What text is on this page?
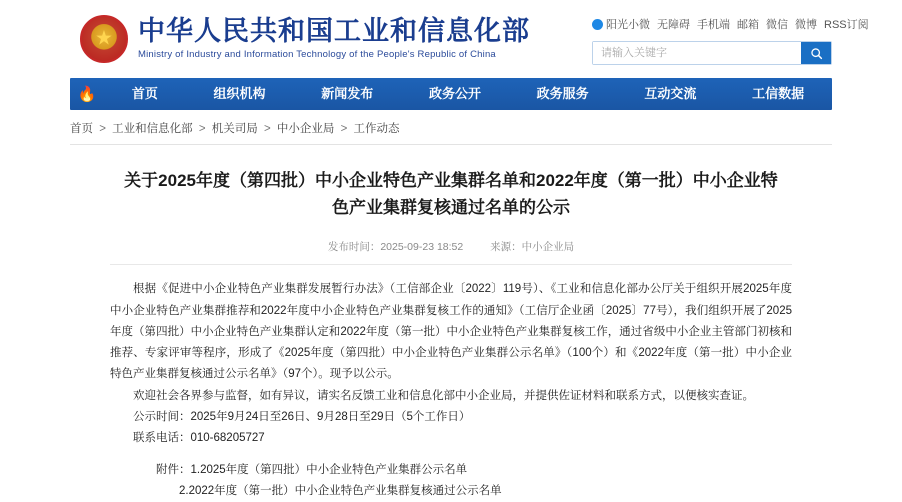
★
中华人民共和国工业和信息化部
Ministry of Industry and Information Technology of the People's Republic of China
阳光小微 无障碍 手机端 邮箱 微信 微博 RSS订阅
请输入关键字
🔥	首页	组织机构	新闻发布	政务公开	政务服务	互动交流	工信数据
首页 > 工业和信息化部 > 机关司局 > 中小企业局 > 工作动态
关于2025年度（第四批）中小企业特色产业集群名单和2022年度（第一批）中小企业特色产业集群复核通过名单的公示
发布时间：2025-09-23 18:52	来源：中小企业局

根据《促进中小企业特色产业集群发展暂行办法》（工信部企业〔2022〕119号）、《工业和信息化部办公厅关于组织开展2025年度中小企业特色产业集群推荐和2022年度中小企业特色产业集群复核工作的通知》（工信厅企业函〔2025〕77号），我们组织开展了2025年度（第四批）中小企业特色产业集群认定和2022年度（第一批）中小企业特色产业集群复核工作，通过省级中小企业主管部门初核和推荐、专家评审等程序，形成了《2025年度（第四批）中小企业特色产业集群公示名单》（100个）和《2022年度（第一批）中小企业特色产业集群复核通过公示名单》（97个）。现予以公示。

欢迎社会各界参与监督，如有异议，请实名反馈工业和信息化部中小企业局，并提供佐证材料和联系方式，以便核实查证。

公示时间：2025年9月24日至26日、9月28日至29日（5个工作日）

联系电话：010-68205727

附件：1.2025年度（第四批）中小企业特色产业集群公示名单

2.2022年度（第一批）中小企业特色产业集群复核通过公示名单
